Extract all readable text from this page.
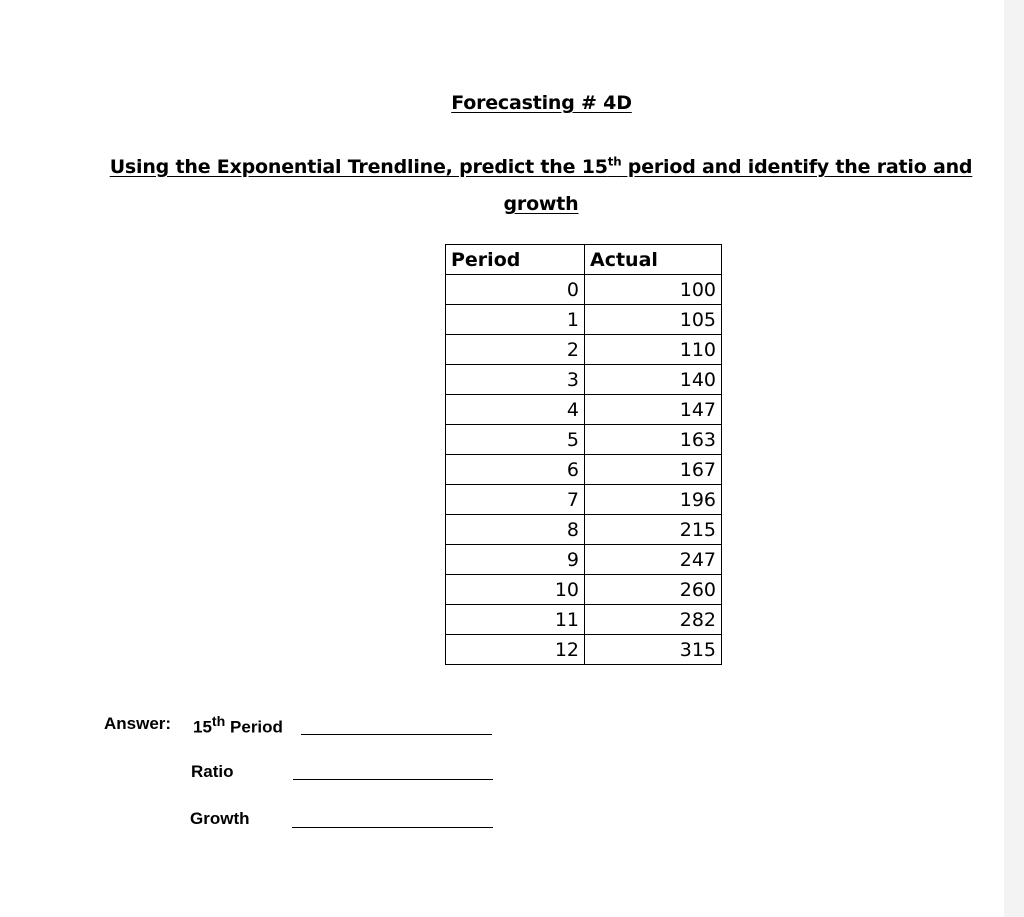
Forecasting # 4D
Using the Exponential Trendline, predict the 15th period and identify the ratio and growth
Period	Actual
0	100
1	105
2	110
3	140
4	147
5	163
6	167
7	196
8	215
9	247
10	260
11	282
12	315
Answer: 15th Period
Ratio
Growth
